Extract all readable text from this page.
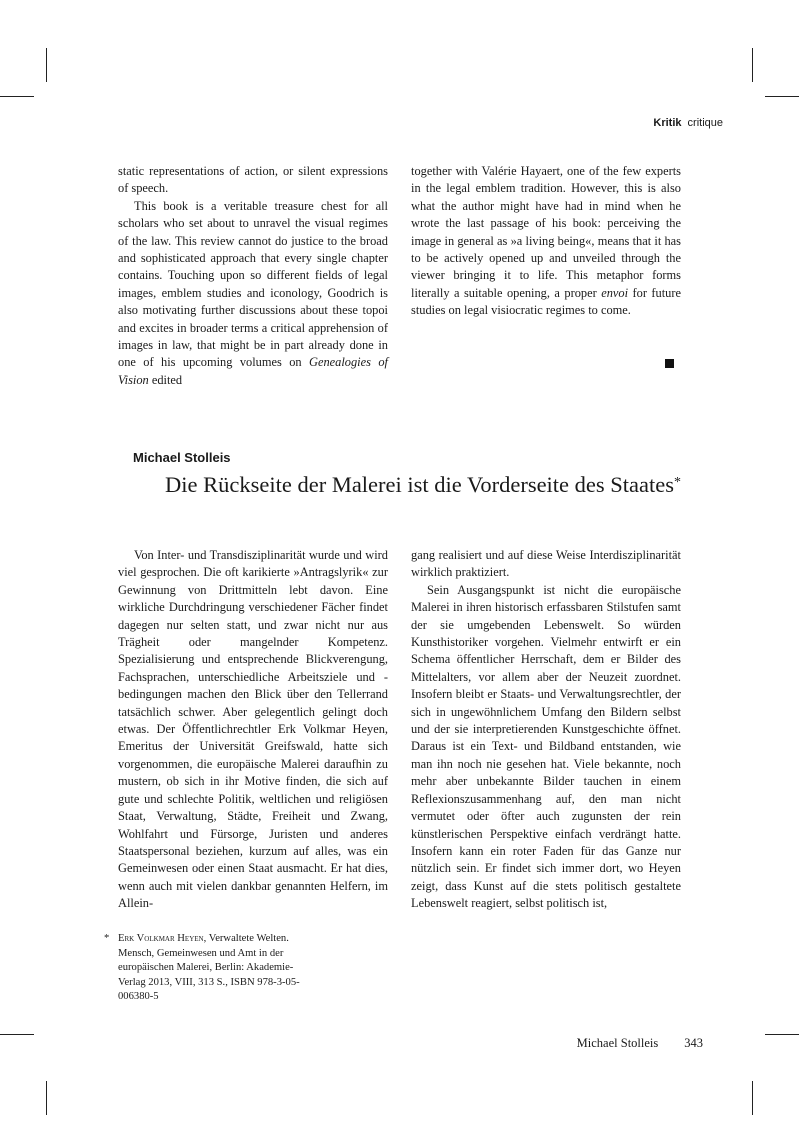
Kritik critique

static representations of action, or silent expressions of speech.

This book is a veritable treasure chest for all scholars who set about to unravel the visual regimes of the law. This review cannot do justice to the broad and sophisticated approach that every single chapter contains. Touching upon so different fields of legal images, emblem studies and iconology, Goodrich is also motivating further discussions about these topoi and excites in broader terms a critical apprehension of images in law, that might be in part already done in one of his upcoming volumes on Genealogies of Vision edited

together with Valérie Hayaert, one of the few experts in the legal emblem tradition. However, this is also what the author might have had in mind when he wrote the last passage of his book: perceiving the image in general as »a living being«, means that it has to be actively opened up and unveiled through the viewer bringing it to life. This metaphor forms literally a suitable opening, a proper envoi for future studies on legal visiocratic regimes to come.

Michael Stolleis
Die Rückseite der Malerei ist die Vorderseite des Staates*

Von Inter- und Transdisziplinarität wurde und wird viel gesprochen. Die oft karikierte »Antragslyrik« zur Gewinnung von Drittmitteln lebt davon. Eine wirkliche Durchdringung verschiedener Fächer findet dagegen nur selten statt, und zwar nicht nur aus Trägheit oder mangelnder Kompetenz. Spezialisierung und entsprechende Blickverengung, Fachsprachen, unterschiedliche Arbeitsziele und -bedingungen machen den Blick über den Tellerrand tatsächlich schwer. Aber gelegentlich gelingt doch etwas. Der Öffentlichrechtler Erk Volkmar Heyen, Emeritus der Universität Greifswald, hatte sich vorgenommen, die europäische Malerei daraufhin zu mustern, ob sich in ihr Motive finden, die sich auf gute und schlechte Politik, weltlichen und religiösen Staat, Verwaltung, Städte, Freiheit und Zwang, Wohlfahrt und Fürsorge, Juristen und anderes Staatspersonal beziehen, kurzum auf alles, was ein Gemeinwesen oder einen Staat ausmacht. Er hat dies, wenn auch mit vielen dankbar genannten Helfern, im Allein-

gang realisiert und auf diese Weise Interdisziplinarität wirklich praktiziert.

Sein Ausgangspunkt ist nicht die europäische Malerei in ihren historisch erfassbaren Stilstufen samt der sie umgebenden Lebenswelt. So würden Kunsthistoriker vorgehen. Vielmehr entwirft er ein Schema öffentlicher Herrschaft, dem er Bilder des Mittelalters, vor allem aber der Neuzeit zuordnet. Insofern bleibt er Staats- und Verwaltungsrechtler, der sich in ungewöhnlichem Umfang den Bildern selbst und der sie interpretierenden Kunstgeschichte öffnet. Daraus ist ein Text- und Bildband entstanden, wie man ihn noch nie gesehen hat. Viele bekannte, noch mehr aber unbekannte Bilder tauchen in einem Reflexionszusammenhang auf, den man nicht vermutet oder öfter auch zugunsten der rein künstlerischen Perspektive einfach verdrängt hatte. Insofern kann ein roter Faden für das Ganze nur nützlich sein. Er findet sich immer dort, wo Heyen zeigt, dass Kunst auf die stets politisch gestaltete Lebenswelt reagiert, selbst politisch ist,

* Erk Volkmar Heyen, Verwaltete Welten. Mensch, Gemeinwesen und Amt in der europäischen Malerei, Berlin: Akademie-Verlag 2013, VIII, 313 S., ISBN 978-3-05-006380-5
Michael Stolleis 343
